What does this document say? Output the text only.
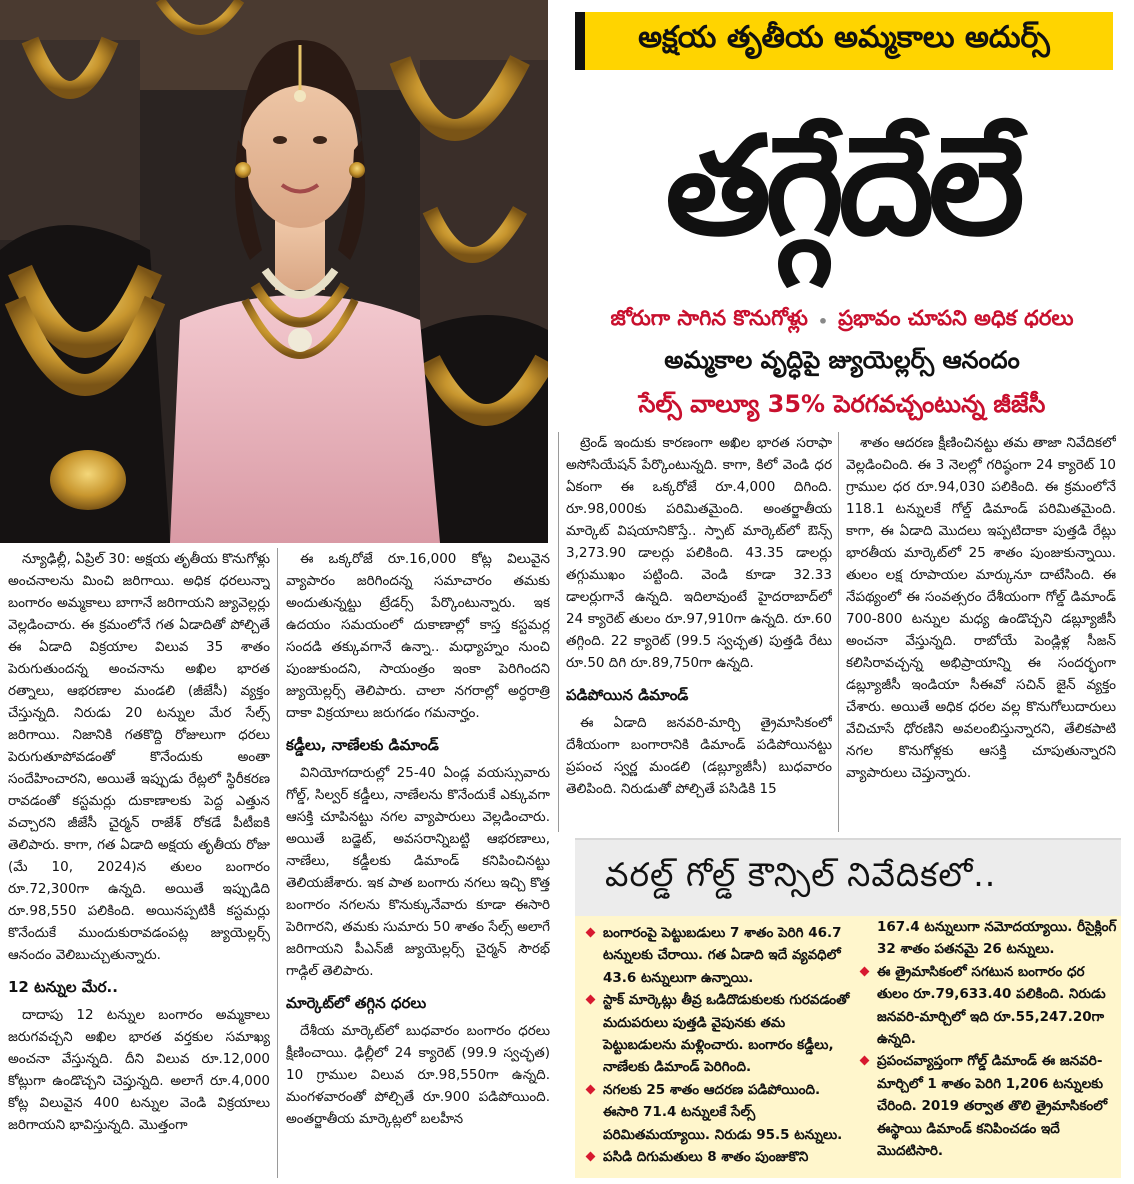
అక్షయ తృతీయ అమ్మకాలు అదుర్స్
తగ్గేదేలే
జోరుగా సాగిన కొనుగోళ్లు • ప్రభావం చూపని అధిక ధరలు
అమ్మకాల వృద్ధిపై జ్యుయెల్లర్స్ ఆనందం
సేల్స్ వాల్యూ 35% పెరగవచ్చంటున్న జీజేసీ

న్యూఢిల్లీ, ఏప్రిల్ 30: అక్షయ తృతీయ కొనుగోళ్లు అంచనాలను మించి జరిగాయి. అధిక ధరలున్నా బంగారం అమ్మకాలు బాగానే జరిగాయని జ్యువెల్లర్లు వెల్లడించారు. ఈ క్రమంలోనే గత ఏడాదితో పోల్చితే ఈ ఏడాది విక్రయాల విలువ 35 శాతం పెరుగుతుందన్న అంచనాను అఖిల భారత రత్నాలు, ఆభరణాల మండలి (జీజేసీ) వ్యక్తం చేస్తున్నది. నిరుడు 20 టన్నుల మేర సేల్స్ జరిగాయి. నిజానికి గతకొద్ది రోజులుగా ధరలు పెరుగుతూపోవడంతో కొనేందుకు అంతా సందేహించారని, అయితే ఇప్పుడు రేట్లలో స్థిరీకరణ రావడంతో కస్టమర్లు దుకాణాలకు పెద్ద ఎత్తున వచ్చారని జీజేసీ చైర్మన్ రాజేశ్ రోకడే పీటీఐకి తెలిపారు. కాగా, గత ఏడాది అక్షయ తృతీయ రోజు (మే 10, 2024)న తులం బంగారం రూ.72,300గా ఉన్నది. అయితే ఇప్పుడిది రూ.98,550 పలికింది. అయినప్పటికీ కస్టమర్లు కొనేందుకే ముందుకురావడంపట్ల జ్యుయెల్లర్స్ ఆనందం వెలిబుచ్చుతున్నారు.

12 టన్నుల మేర..

దాదాపు 12 టన్నుల బంగారం అమ్మకాలు జరుగవచ్చని అఖిల భారత వర్తకుల సమాఖ్య అంచనా వేస్తున్నది. దీని విలువ రూ.12,000 కోట్లుగా ఉండొచ్చని చెప్తున్నది. అలాగే రూ.4,000 కోట్ల విలువైన 400 టన్నుల వెండి విక్రయాలు జరిగాయని భావిస్తున్నది. మొత్తంగా

ఈ ఒక్కరోజే రూ.16,000 కోట్ల విలువైన వ్యాపారం జరిగిందన్న సమాచారం తమకు అందుతున్నట్టు ట్రేడర్స్ పేర్కొంటున్నారు. ఇక ఉదయం సమయంలో దుకాణాల్లో కాస్త కస్టమర్ల సందడి తక్కువగానే ఉన్నా.. మధ్యాహ్నం నుంచి పుంజుకుందని, సాయంత్రం ఇంకా పెరిగిందని జ్యుయెల్లర్స్ తెలిపారు. చాలా నగరాల్లో అర్ధరాత్రి దాకా విక్రయాలు జరుగడం గమనార్హం.

కడ్డీలు, నాణేలకు డిమాండ్

వినియోగదారుల్లో 25-40 ఏండ్ల వయస్సువారు గోల్డ్, సిల్వర్ కడ్డీలు, నాణేలను కొనేందుకే ఎక్కువగా ఆసక్తి చూపినట్టు నగల వ్యాపారులు వెల్లడించారు. అయితే బడ్జెట్, అవసరాన్నిబట్టి ఆభరణాలు, నాణేలు, కడ్డీలకు డిమాండ్ కనిపించినట్టు తెలియజేశారు. ఇక పాత బంగారు నగలు ఇచ్చి కొత్త బంగారం నగలను కొనుక్కునేవారు కూడా ఈసారి పెరిగారని, తమకు సుమారు 50 శాతం సేల్స్ అలాగే జరిగాయని పీఎన్‌జీ జ్యుయెల్లర్స్ చైర్మన్ సౌరభ్ గాడ్గిల్ తెలిపారు.

మార్కెట్‌లో తగ్గిన ధరలు

దేశీయ మార్కెట్‌లో బుధవారం బంగారం ధరలు క్షీణించాయి. ఢిల్లీలో 24 క్యారెట్ (99.9 స్వచ్ఛత) 10 గ్రాముల విలువ రూ.98,550గా ఉన్నది. మంగళవారంతో పోల్చితే రూ.900 పడిపోయింది. అంతర్జాతీయ మార్కెట్లలో బలహీన

ట్రెండ్ ఇందుకు కారణంగా అఖిల భారత సరాఫా అసోసియేషన్ పేర్కొంటున్నది. కాగా, కిలో వెండి ధర ఏకంగా ఈ ఒక్కరోజే రూ.4,000 దిగింది. రూ.98,000కు పరిమితమైంది. అంతర్జాతీయ మార్కెట్ విషయానికొస్తే.. స్పాట్ మార్కెట్‌లో ఔన్స్ 3,273.90 డాలర్లు పలికింది. 43.35 డాలర్లు తగ్గుముఖం పట్టింది. వెండి కూడా 32.33 డాలర్లుగానే ఉన్నది. ఇదిలావుంటే హైదరాబాద్‌లో 24 క్యారెట్ తులం రూ.97,910గా ఉన్నది. రూ.60 తగ్గింది. 22 క్యారెట్ (99.5 స్వచ్ఛత) పుత్తడి రేటు రూ.50 దిగి రూ.89,750గా ఉన్నది.

పడిపోయిన డిమాండ్

ఈ ఏడాది జనవరి-మార్చి త్రైమాసికంలో దేశీయంగా బంగారానికి డిమాండ్ పడిపోయినట్టు ప్రపంచ స్వర్ణ మండలి (డబ్ల్యూజీసీ) బుధవారం తెలిపింది. నిరుడుతో పోల్చితే పసిడికి 15

శాతం ఆదరణ క్షీణించినట్టు తమ తాజా నివేదికలో వెల్లడించింది. ఈ 3 నెలల్లో గరిష్ఠంగా 24 క్యారెట్ 10 గ్రాముల ధర రూ.94,030 పలికింది. ఈ క్రమంలోనే 118.1 టన్నులకే గోల్డ్ డిమాండ్ పరిమితమైంది. కాగా, ఈ ఏడాది మొదలు ఇప్పటిదాకా పుత్తడి రేట్లు భారతీయ మార్కెట్‌లో 25 శాతం పుంజుకున్నాయి. తులం లక్ష రూపాయల మార్కునూ దాటేసింది. ఈ నేపథ్యంలో ఈ సంవత్సరం దేశీయంగా గోల్డ్ డిమాండ్ 700-800 టన్నుల మధ్య ఉండొచ్చని డబ్ల్యూజీసీ అంచనా వేస్తున్నది. రాబోయే పెండ్లిళ్ల సీజన్ కలిసిరావచ్చన్న అభిప్రాయాన్ని ఈ సందర్భంగా డబ్ల్యూజీసీ ఇండియా సీఈవో సచిన్ జైన్ వ్యక్తం చేశారు. అయితే అధిక ధరల వల్ల కొనుగోలుదారులు వేచిచూసే ధోరణిని అవలంబిస్తున్నారని, తేలికపాటి నగల కొనుగోళ్లకు ఆసక్తి చూపుతున్నారని వ్యాపారులు చెప్తున్నారు.

వరల్డ్ గోల్డ్ కౌన్సిల్ నివేదికలో..
బంగారంపై పెట్టుబడులు 7 శాతం పెరిగి 46.7 టన్నులకు చేరాయి. గత ఏడాది ఇదే వ్యవధిలో 43.6 టన్నులుగా ఉన్నాయి.
స్టాక్ మార్కెట్లు తీవ్ర ఒడిదొడుకులకు గురవడంతో మదుపరులు పుత్తడి వైపునకు తమ పెట్టుబడులను మళ్లించారు. బంగారం కడ్డీలు, నాణేలకు డిమాండ్ పెరిగింది.
నగలకు 25 శాతం ఆదరణ పడిపోయింది. ఈసారి 71.4 టన్నులకే సేల్స్ పరిమితమయ్యాయి. నిరుడు 95.5 టన్నులు.
పసిడి దిగుమతులు 8 శాతం పుంజుకొని
167.4 టన్నులుగా నమోదయ్యాయి. రీసైక్లింగ్ 32 శాతం పతనమై 26 టన్నులు.
ఈ త్రైమాసికంలో సగటున బంగారం ధర తులం రూ.79,633.40 పలికింది. నిరుడు జనవరి-మార్చిలో ఇది రూ.55,247.20గా ఉన్నది.
ప్రపంచవ్యాప్తంగా గోల్డ్ డిమాండ్ ఈ జనవరి-మార్చిలో 1 శాతం పెరిగి 1,206 టన్నులకు చేరింది. 2019 తర్వాత తొలి త్రైమాసికంలో ఈస్థాయి డిమాండ్ కనిపించడం ఇదే మొదటిసారి.
